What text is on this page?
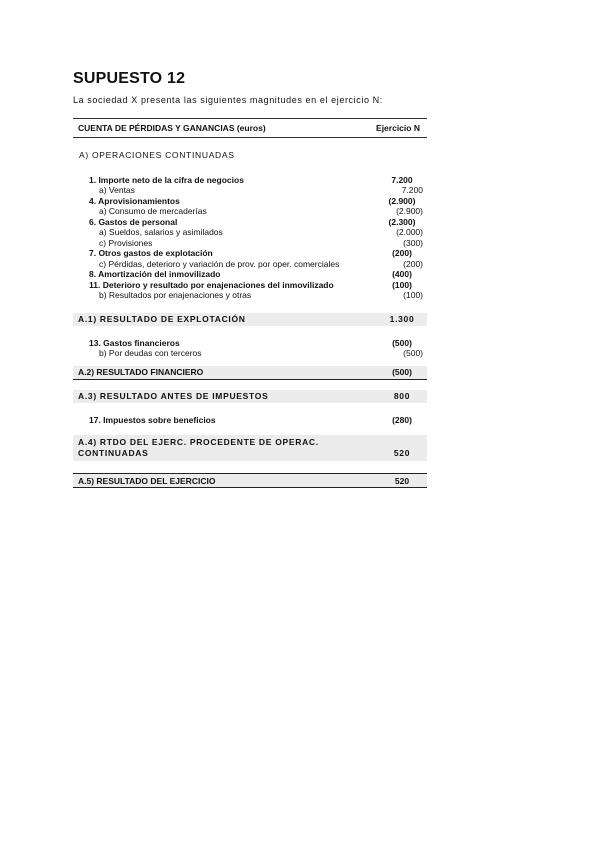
SUPUESTO 12
La sociedad X presenta las siguientes magnitudes en el ejercicio N:
CUENTA DE PÉRDIDAS Y GANANCIAS (euros)	Ejercicio N
A) OPERACIONES CONTINUADAS
1. Importe neto de la cifra de negocios	7.200
a) Ventas	7.200
4. Aprovisionamientos	(2.900)
a) Consumo de mercaderías	(2.900)
6. Gastos de personal	(2.300)
a) Sueldos, salarios y asimilados	(2.000)
c) Provisiones	(300)
7. Otros gastos de explotación	(200)
c) Pérdidas, deterioro y variación de prov. por oper. comerciales	(200)
8. Amortización del inmovilizado	(400)
11. Deterioro y resultado por enajenaciones del inmovilizado	(100)
b) Resultados por enajenaciones y otras	(100)
A.1) RESULTADO DE EXPLOTACIÓN	1.300
13. Gastos financieros	(500)
b) Por deudas con terceros	(500)
A.2) RESULTADO FINANCIERO	(500)
A.3) RESULTADO ANTES DE IMPUESTOS	800
17. Impuestos sobre beneficios	(280)
A.4) RTDO DEL EJERC. PROCEDENTE DE OPERAC.
CONTINUADAS	520
A.5) RESULTADO DEL EJERCICIO	520
